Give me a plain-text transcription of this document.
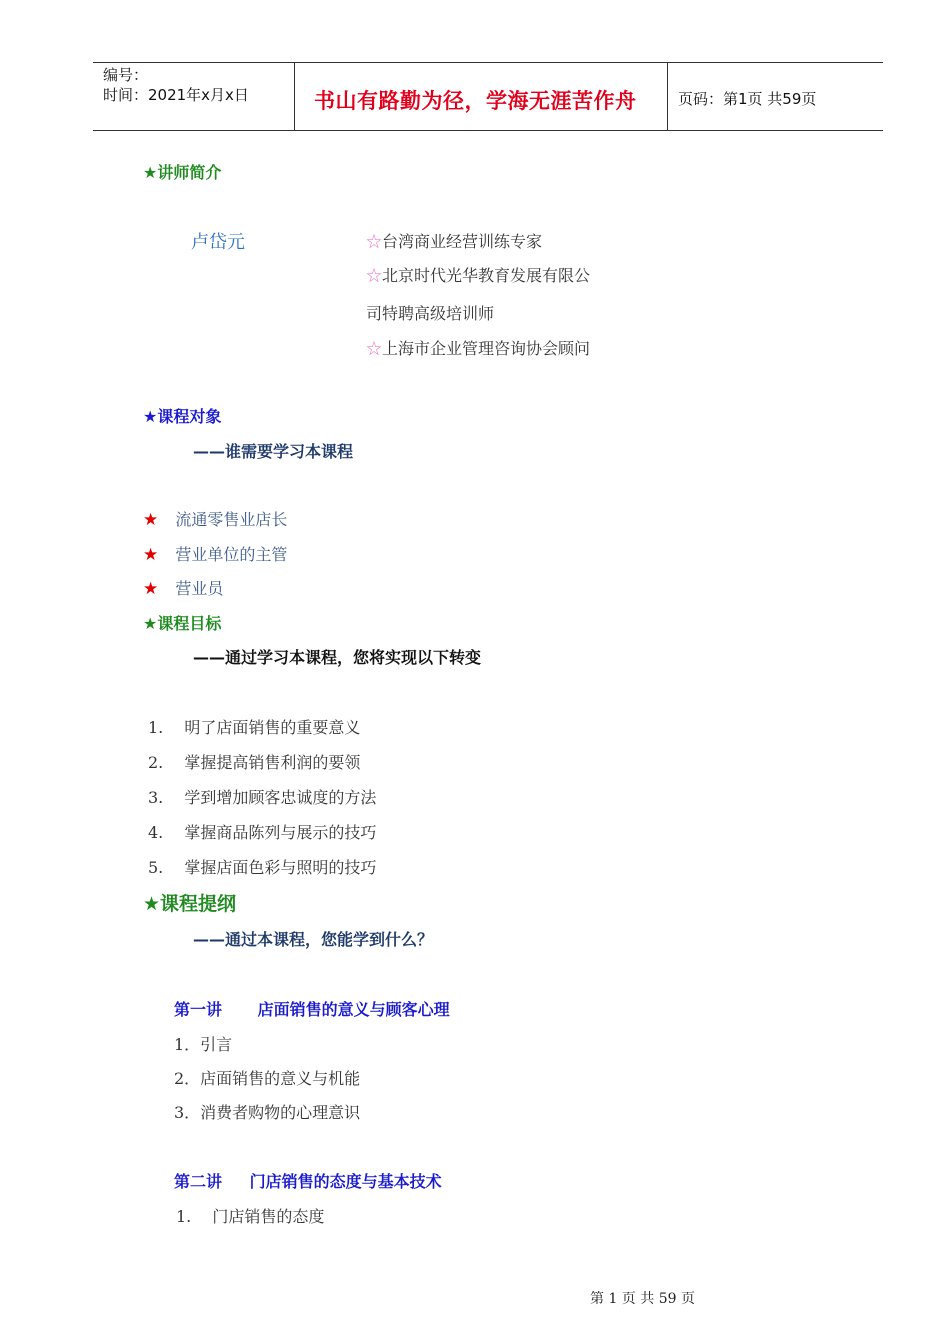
编号：
时间：2021年x月x日	书山有路勤为径，学海无涯苦作舟	页码：第1页 共59页
★讲师简介
卢岱元	☆台湾商业经营训练专家
☆北京时代光华教育发展有限公
司特聘高级培训师
☆上海市企业管理咨询协会顾问
★课程对象
——谁需要学习本课程
★ 流通零售业店长
★ 营业单位的主管
★ 营业员
★课程目标
——通过学习本课程，您将实现以下转变
1. 明了店面销售的重要意义
2. 掌握提高销售利润的要领
3. 学到增加顾客忠诚度的方法
4. 掌握商品陈列与展示的技巧
5. 掌握店面色彩与照明的技巧
★课程提纲
——通过本课程，您能学到什么？
第一讲 店面销售的意义与顾客心理
1．引言
2．店面销售的意义与机能
3．消费者购物的心理意识
第二讲 门店销售的态度与基本技术
1. 门店销售的态度
第 1 页 共 59 页
